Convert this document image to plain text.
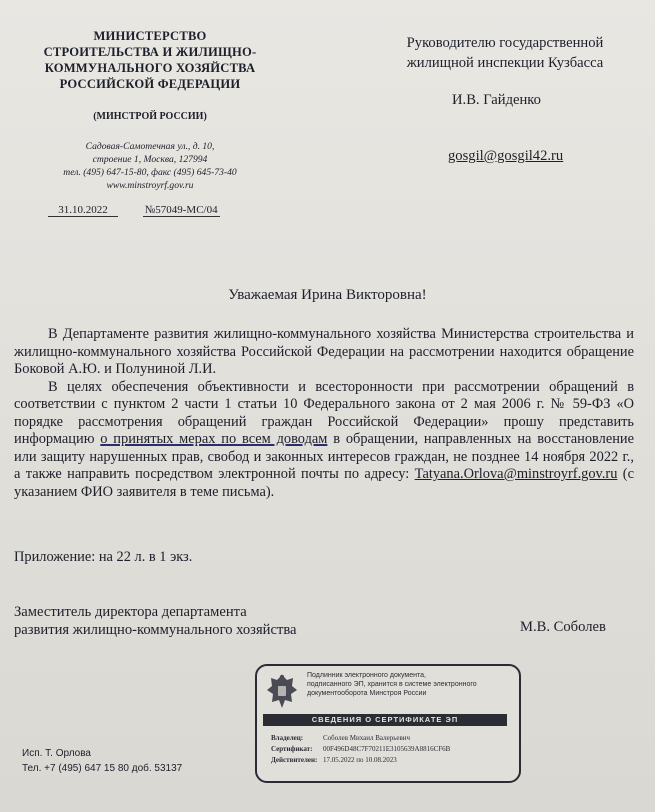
МИНИСТЕРСТВО
СТРОИТЕЛЬСТВА И ЖИЛИЩНО-
КОММУНАЛЬНОГО ХОЗЯЙСТВА
РОССИЙСКОЙ ФЕДЕРАЦИИ
(МИНСТРОЙ РОССИИ)
Садовая-Самотечная ул., д. 10,
строение 1, Москва, 127994
тел. (495) 647-15-80, факс (495) 645-73-40
www.minstroyrf.gov.ru
31.10.2022	№57049-МС/04
Руководителю государственной
жилищной инспекции Кузбасса
И.В. Гайденко
gosgil@gosgil42.ru
Уважаемая Ирина Викторовна!

В Департаменте развития жилищно-коммунального хозяйства Министерства строительства и жилищно-коммунального хозяйства Российской Федерации на рассмотрении находится обращение Боковой А.Ю. и Полуниной Л.И.

В целях обеспечения объективности и всесторонности при рассмотрении обращений в соответствии с пунктом 2 части 1 статьи 10 Федерального закона от 2 мая 2006 г. № 59-ФЗ «О порядке рассмотрения обращений граждан Российской Федерации» прошу представить информацию о принятых мерах по всем доводам в обращении, направленных на восстановление или защиту нарушенных прав, свобод и законных интересов граждан, не позднее 14 ноября 2022 г., а также направить посредством электронной почты по адресу: Tatyana.Orlova@minstroyrf.gov.ru (с указанием ФИО заявителя в теме письма).

Приложение: на 22 л. в 1 экз.
Заместитель директора департамента
развития жилищно-коммунального хозяйства	М.В. Соболев
Подлинник электронного документа,
подписанного ЭП, хранится в системе электронного
документооборота Минстроя России
СВЕДЕНИЯ О СЕРТИФИКАТЕ ЭП
Владелец:	Соболев Михаил Валерьевич
Сертификат: 00F496D48C7F70211E3105639A8816CF6B
Действителен: 17.05.2022 по 10.08.2023
Исп. Т. Орлова
Тел. +7 (495) 647 15 80 доб. 53137
